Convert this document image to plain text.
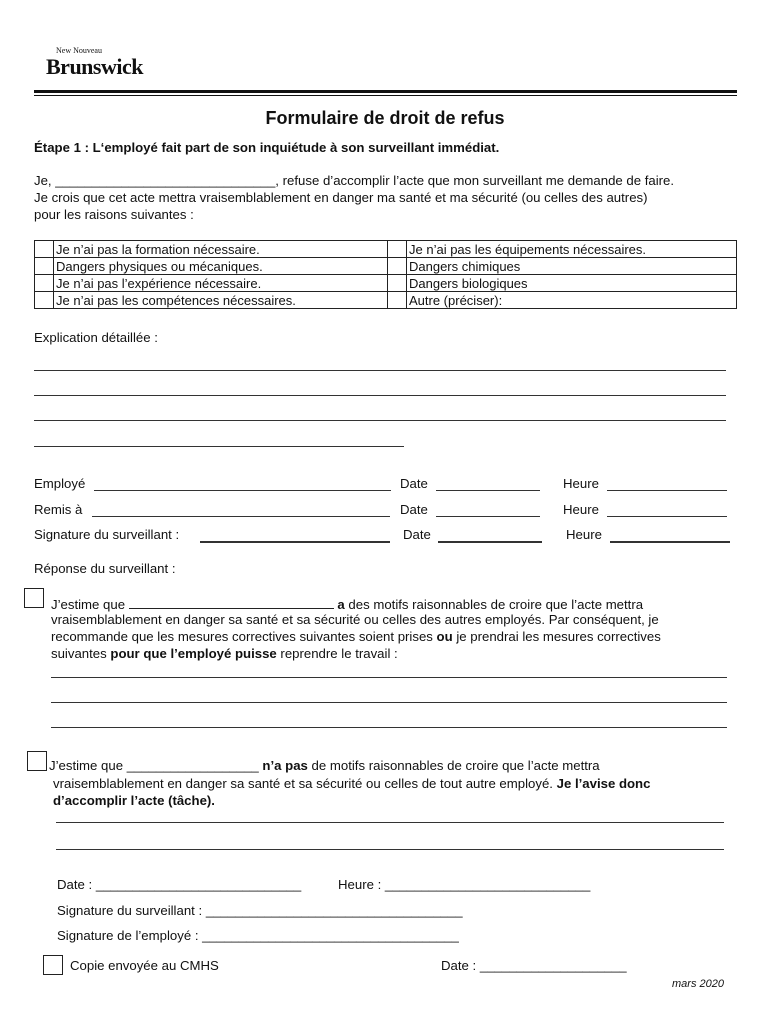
New Nouveau
Brunswick
Formulaire de droit de refus
Étape 1 : L‘employé fait part de son inquiétude à son surveillant immédiat.
Je, ______________________________, refuse d’accomplir l’acte que mon surveillant me demande de faire.
Je crois que cet acte mettra vraisemblablement en danger ma santé et ma sécurité (ou celles des autres)
pour les raisons suivantes :
	Je n’ai pas la formation nécessaire.		Je n’ai pas les équipements nécessaires.
	Dangers physiques ou mécaniques.		Dangers chimiques
	Je n’ai pas l’expérience nécessaire.		Dangers biologiques
	Je n’ai pas les compétences nécessaires.		Autre (préciser):
Explication détaillée :
Employé	Date	Heure
Remis à	Date	Heure
Signature du surveillant :	Date	Heure
Réponse du surveillant :
J’estime que	a des motifs raisonnables de croire que l’acte mettra
vraisemblablement en danger sa santé et sa sécurité ou celles des autres employés. Par conséquent, je
recommande que les mesures correctives suivantes soient prises ou je prendrai les mesures correctives
suivantes pour que l’employé puisse reprendre le travail :
J’estime que __________________ n’a pas de motifs raisonnables de croire que l’acte mettra
vraisemblablement en danger sa santé et sa sécurité ou celles de tout autre employé. Je l’avise donc
d’accomplir l’acte (tâche).
Date : ____________________________	Heure : ____________________________
Signature du surveillant : ___________________________________
Signature de l’employé : ___________________________________
Copie envoyée au CMHS	Date : ____________________
mars 2020
